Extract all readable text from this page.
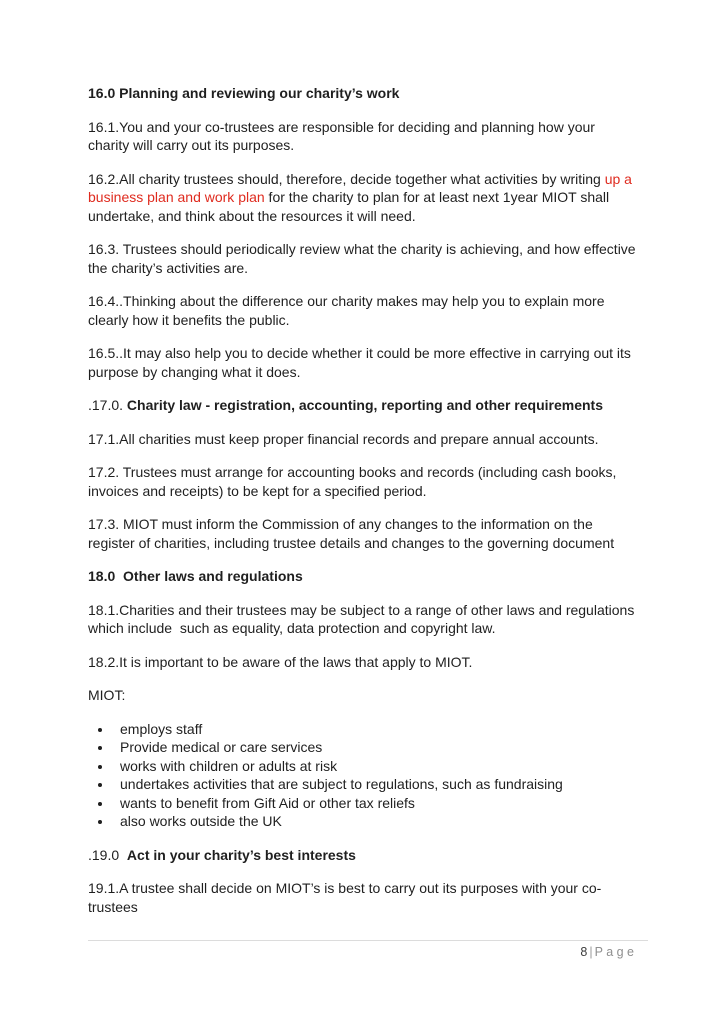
16.0 Planning and reviewing our charity’s work

16.1.You and your co-trustees are responsible for deciding and planning how your charity will carry out its purposes.

16.2.All charity trustees should, therefore, decide together what activities by writing up a business plan and work plan for the charity to plan for at least next 1year MIOT shall undertake, and think about the resources it will need.

16.3. Trustees should periodically review what the charity is achieving, and how effective the charity’s activities are.

16.4..Thinking about the difference our charity makes may help you to explain more clearly how it benefits the public.

16.5..It may also help you to decide whether it could be more effective in carrying out its purpose by changing what it does.

.17.0. Charity law - registration, accounting, reporting and other requirements

17.1.All charities must keep proper financial records and prepare annual accounts.

17.2. Trustees must arrange for accounting books and records (including cash books, invoices and receipts) to be kept for a specified period.

17.3. MIOT must inform the Commission of any changes to the information on the register of charities, including trustee details and changes to the governing document

18.0  Other laws and regulations

18.1.Charities and their trustees may be subject to a range of other laws and regulations which include  such as equality, data protection and copyright law.

18.2.It is important to be aware of the laws that apply to MIOT.

MIOT:

• employs staff
• Provide medical or care services
• works with children or adults at risk
• undertakes activities that are subject to regulations, such as fundraising
• wants to benefit from Gift Aid or other tax reliefs
• also works outside the UK

.19.0  Act in your charity’s best interests

19.1.A trustee shall decide on MIOT’s is best to carry out its purposes with your co-trustees

8 | P a g e
